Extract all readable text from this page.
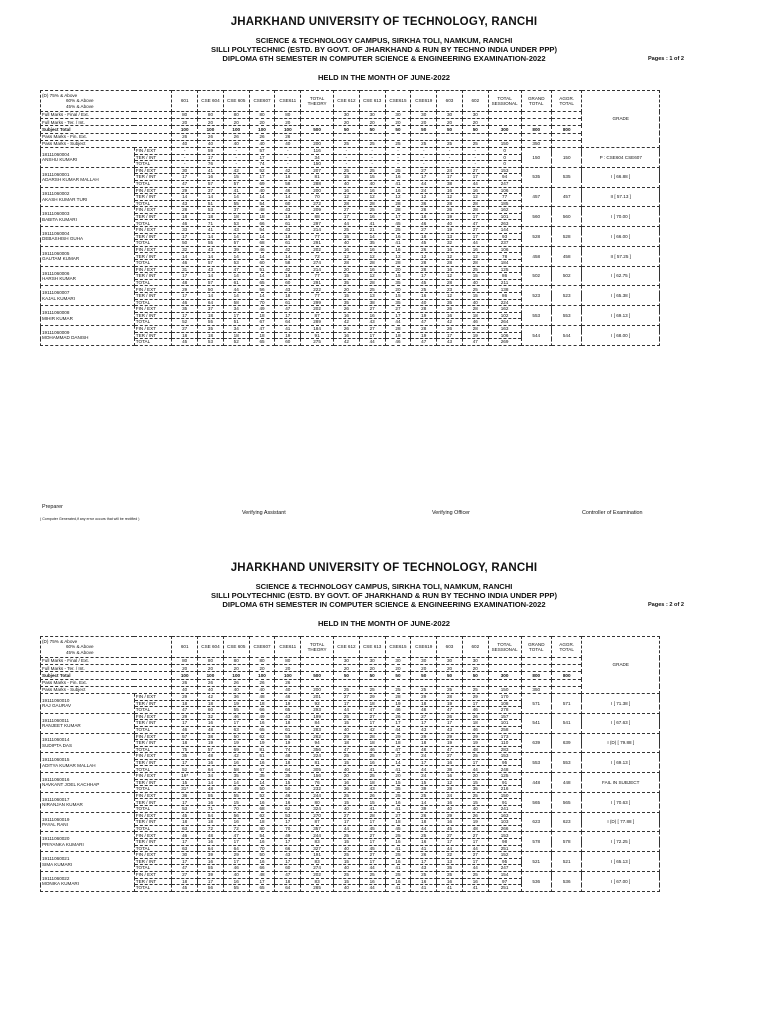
JHARKHAND UNIVERSITY OF TECHNOLOGY, RANCHI
SCIENCE & TECHNOLOGY CAMPUS, SIRKHA TOLI, NAMKUM, RANCHI
SILLI POLYTECHNIC (ESTD. BY GOVT. OF JHARKHAND & RUN BY TECHNO INDIA UNDER PPP)
DIPLOMA 6TH SEMESTER IN COMPUTER SCIENCE & ENGINEERING EXAMINATION-2022	Pages : 1 of 2
HELD IN THE MONTH OF JUNE-2022
(D) 75% & Above
60% & Above
45% & Above		601	CSE 604	CSE 605	CSE607	CSE611	TOTAL THEORY	CSE 612	CSE 613	CSE615	CSE619	603	602	TOTAL SESSIONAL	GRAND TOTAL	AGGR. TOTAL	GRADE
Full Marks - Final / Ext.		80	80	80	80	80		30	30	30	30	30	30				
Full Marks - Ter. / Int.		20	20	20	20	20		20	20	20	20	20	20				
Subject Total		100	100	100	100	100	500	50	50	50	50	50	50	300	800	800	
Pass Marks - Fin. Ext.		26	26	26	26	26											
Pass Marks - Subject		40	40	40	40	40	200	25	25	25	25	25	25	150	350		

18111060004
ANSHU KUMARI	FIN / EXT	-	59	-	57	-	116	-	-	-	-	-	-	0	150	150	P : CSE604 CSE607
	TER / INT	-	17	-	17	-	34	-	-	-	-	-	-	0			
	TOTAL	-	76	-	74	-	150	-	-	-	-	-	-	0			

19111060001
ADARSH KUMAR MALLAH	FIN / EXT	30	41	42	52	42	207	25	25	25	27	24	27	153	535	535	I [ 66.88 ]
	TER / INT	17	16	15	17	16	81	15	15	16	17	17	17	94			
	TOTAL	47	57	57	69	58	288	40	40	41	44	38	44	247			

19111060002
AKASH KUMAR TURI	FIN / EXT	29	37	41	40	46	200	16	16	16	24	16	16	106	457	457	II [ 57.13 ]
	TER / INT	14	14	14	14	14	70	12	12	12	12	12	12	77			
	TOTAL	43	51	55	54	60	272	28	28	28	36	28	28	185			

19111060003
BABITA KUMARI	FIN / EXT	28	53	37	48	43	209	27	25	28	28	26	28	162	560	560	I [ 70.00 ]
	TER / INT	18	18	18	18	18	88	17	16	17	18	19	17	101			
	TOTAL	46	71	53	66	61	297	44	41	45	46	40	47	263			

19111060004
DEBASHISH GUHA	FIN / EXT	33	41	43	54	43	214	25	21	25	27	19	27	144	528	528	I [ 66.00 ]
	TER / INT	17	14	14	14	18	77	15	14	16	18	13	17	93			
	TOTAL	50	55	57	68	61	291	40	35	41	45	32	44	237			

19111060005
GAUTAM KUMAR	FIN / EXT	32	43	39	46	42	202	16	16	16	26	16	16	106	458	458	II [ 57.25 ]
	TER / INT	14	14	14	14	14	72	12	12	12	12	12	12	78			
	TOTAL	46	57	53	60	58	274	28	28	28	28	28	28	184			

19111060006
HARSH KUMAR	FIN / EXT	31	43	47	51	42	214	20	16	20	28	16	25	125	502	502	I [ 62.75 ]
	TER / INT	17	14	14	14	18	77	15	12	15	17	12	15	86			
	TOTAL	48	57	61	65	60	291	35	28	35	45	28	40	211			

19111060007
KAJAL KUMARI	FIN / EXT	29	50	44	56	43	222	20	25	20	25	23	25	138	523	523	I [ 65.38 ]
	TER / INT	17	14	14	14	18	77	15	13	15	16	12	15	86			
	TOTAL	46	64	58	70	61	299	35	38	35	40	35	40	224			

19111060008
MIHIR KUMAR	FIN / EXT	35	37	34	49	47	202	26	27	27	28	26	28	162	553	553	I [ 69.13 ]
	TER / INT	17	18	17	18	17	87	16	16	17	19	16	18	102			
	TOTAL	52	55	51	67	64	289	42	43	44	47	42	46	264			

19111060009
MOHAMMAD DANISH	FIN / EXT	27	35	34	47	41	184	26	27	28	28	26	28	163	544	544	I [ 68.00 ]
	TER / INT	18	18	18	18	19	91	16	17	18	19	17	19	106			
	TOTAL	45	53	52	65	60	275	42	44	46	47	43	47	269			
Preparer
Verifying Assistant	Verifying Officer	Controller of Examination
( Computer Generated,if any error occurs that will be rectified )
JHARKHAND UNIVERSITY OF TECHNOLOGY, RANCHI
SCIENCE & TECHNOLOGY CAMPUS, SIRKHA TOLI, NAMKUM, RANCHI
SILLI POLYTECHNIC (ESTD. BY GOVT. OF JHARKHAND & RUN BY TECHNO INDIA UNDER PPP)
DIPLOMA 6TH SEMESTER IN COMPUTER SCIENCE & ENGINEERING EXAMINATION-2022	Pages : 2 of 2
HELD IN THE MONTH OF JUNE-2022
(D) 75% & Above
60% & Above
45% & Above		601	CSE 604	CSE 605	CSE607	CSE611	TOTAL THEORY	CSE 612	CSE 613	CSE615	CSE619	603	602	TOTAL SESSIONAL	GRAND TOTAL	AGGR. TOTAL	GRADE
Full Marks - Final / Ext.		80	80	80	80	80		30	30	30	30	30	30				
Full Marks - Ter. / Int.		20	20	20	20	20		20	20	20	20	20	20				
Subject Total		100	100	100	100	100	500	50	50	50	50	50	50	300	800	800	
Pass Marks - Fin. Ext.		26	26	26	26	26											
Pass Marks - Subject		40	40	40	40	40	200	25	25	25	25	25	25	150	350		

19111060010
RAJ GAURAV	FIN / EXT	29	42	36	48	46	201	27	29	28	29	28	29	170	571	571	I [ 71.38 ]
	TER / INT	18	18	19	18	19	92	17	18	19	18	19	17	108			
	TOTAL	47	60	55	66	65	293	44	47	46	48	47	46	278			

19111060011
RANJEET KUMAR	FIN / EXT	29	32	46	49	43	199	25	27	26	27	26	26	157	541	541	I [ 67.63 ]
	TER / INT	17	16	17	16	18	84	15	17	17	17	17	18	101			
	TOTAL	46	48	63	65	61	283	40	42	44	43	43	46	258			

19111060014
SUDIPTA DAS	FIN / EXT	57	38	50	62	55	262	29	28	29	29	29	29	173	639	639	I (D) [ 79.88 ]
	TER / INT	18	19	19	19	19	94	18	18	18	18	19	19	110			
	TOTAL	75	57	69	81	74	356	47	46	47	48	47	48	283			

19111060015
ADITYA KUMAR MALLAH	FIN / EXT	35	48	42	51	48	224	25	25	27	24	27	25	153	553	553	I [ 69.13 ]
	TER / INT	17	16	16	16	18	81	15	16	14	17	16	17	95			
	TOTAL	52	64	58	67	64	305	40	41	41	44	38	44	248			

19111060016
NAVKANT JOEL KACHHAP	FIN / EXT	16*	34	35	35	35	156	20	25	20	24	16	20	125	448	448	FAIL IN SUBJECT
	TER / INT	15	14	14	14	15	76	16	18	15	15	12	15	91			
	TOTAL	31*	48	49	50	50	232	36	43	35	39	28	35	216			

19111060017
NIRANJAN KUMAR	FIN / EXT	36	55	55	52	46	244	25	26	25	25	24	25	150	565	565	I [ 70.63 ]
	TER / INT	17	16	15	16	16	80	15	15	16	14	16	15	91			
	TOTAL	53	71	70	68	62	324	40	41	41	39	40	40	241			

19111060019
PAYAL RANI	FIN / EXT	45	54	56	62	53	270	27	28	27	26	29	26	163	623	623	I (D) [ 77.88 ]
	TER / INT	18	18	16	18	17	87	17	17	18	18	16	19	103			
	TOTAL	63	72	72	80	70	357	44	45	45	44	45	48	266			

19111060020
PRIYANKA KUMARI	FIN / EXT	46	48	47	54	49	244	25	27	25	25	27	27	153	578	578	I [ 72.25 ]
	TER / INT	17	16	17	16	17	83	15	17	16	16	17	17	98			
	TOTAL	63	64	64	70	66	327	40	45	41	41	44	44	251			

19111060021
SIMA KUMARI	FIN / EXT	30	39	29	50	43	191	25	27	25	26	22	27	152	521	521	I [ 65.13 ]
	TER / INT	17	16	17	16	17	83	15	17	16	17	13	17	95			
	TOTAL	47	55	46	66	60	274	40	44	41	43	35	44	247			

19111060022
MONIKA KUMARI	FIN / EXT	27	39	40	48	47	202	25	25	25	25	25	25	154	536	536	I [ 67.00 ]
	TER / INT	18	17	16	17	18	83	15	16	16	16	16	16	97			
	TOTAL	45	56	55	65	64	285	40	44	41	41	41	41	251			
